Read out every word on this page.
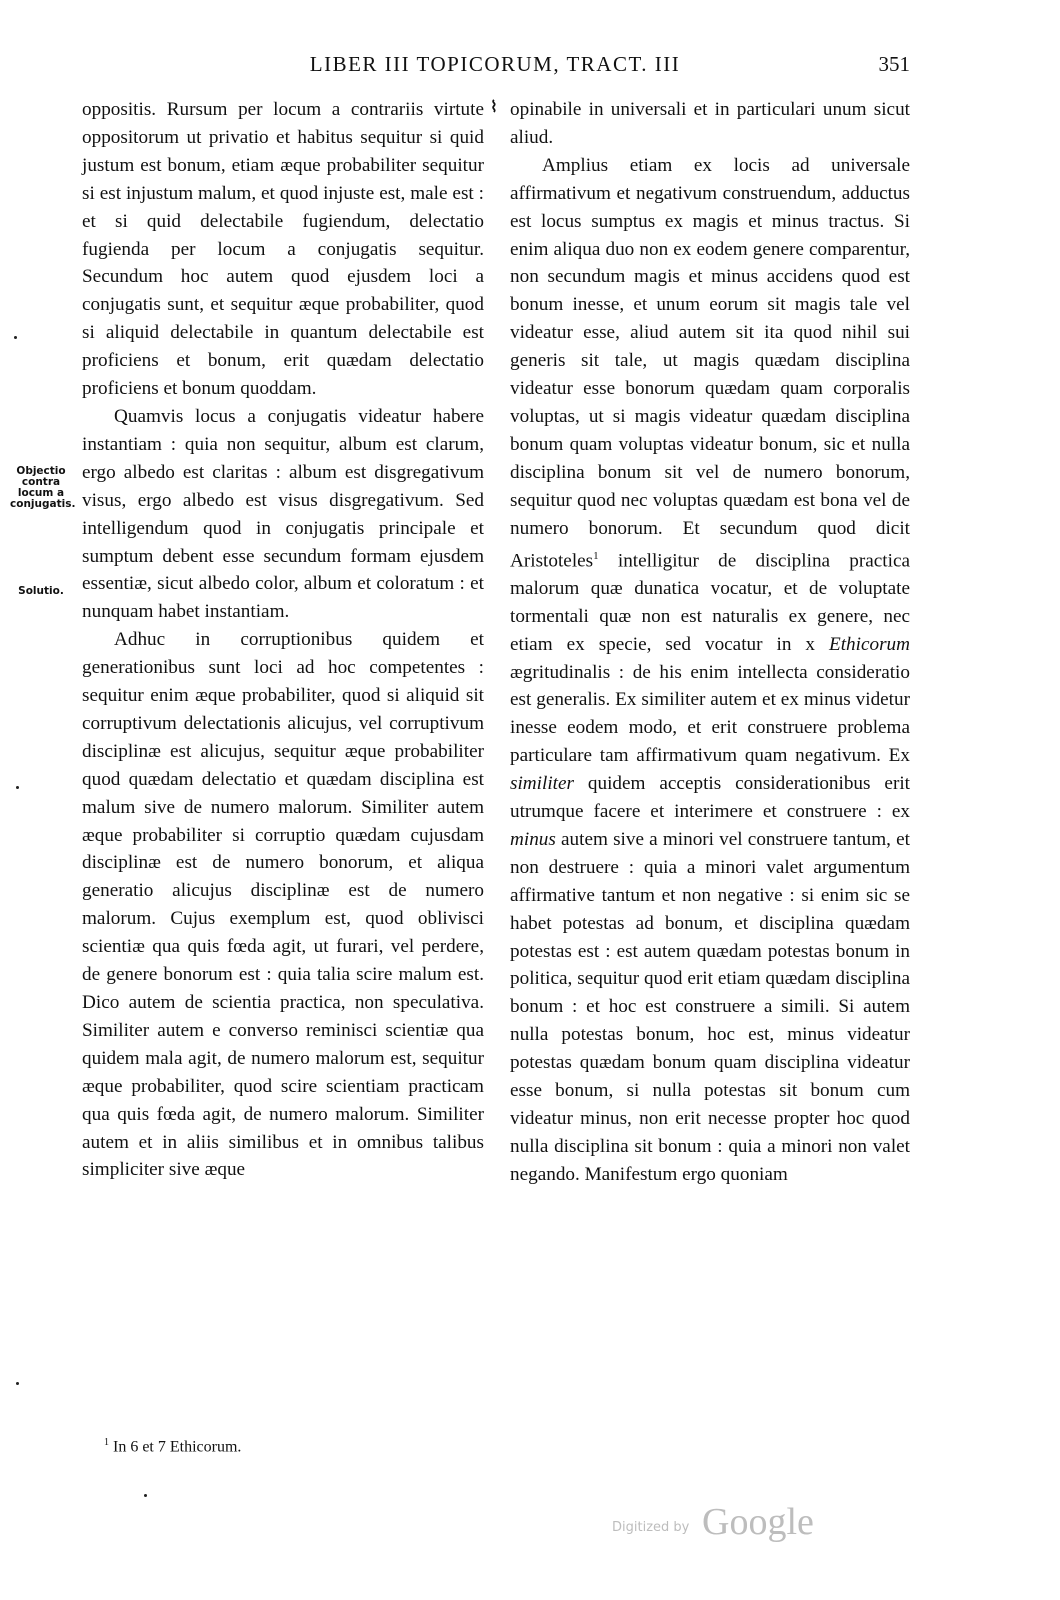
LIBER III TOPICORUM, TRACT. III	351

oppositis. Rursum per locum a contrariis virtute oppositorum ut privatio et habitus sequitur si quid justum est bonum, etiam æque probabiliter sequitur si est injustum malum, et quod injuste est, male est : et si quid delectabile fugiendum, delectatio fugienda per locum a conjugatis sequitur. Secundum hoc autem quod ejusdem loci a conjugatis sunt, et sequitur æque probabiliter, quod si aliquid delectabile in quantum delectabile est proficiens et bonum, erit quædam delectatio proficiens et bonum quoddam.

Quamvis locus a conjugatis videatur habere instantiam : quia non sequitur, album est clarum, ergo albedo est claritas : album est disgregativum visus, ergo albedo est visus disgregativum. Sed intelligendum quod in conjugatis principale et sumptum debent esse secundum formam ejusdem essentiæ, sicut albedo color, album et coloratum : et nunquam habet instantiam.

Adhuc in corruptionibus quidem et generationibus sunt loci ad hoc competentes : sequitur enim æque probabiliter, quod si aliquid sit corruptivum delectationis alicujus, vel corruptivum disciplinæ est alicujus, sequitur æque probabiliter quod quædam delectatio et quædam disciplina est malum sive de numero malorum. Similiter autem æque probabiliter si corruptio quædam cujusdam disciplinæ est de numero bonorum, et aliqua generatio alicujus disciplinæ est de numero malorum. Cujus exemplum est, quod oblivisci scientiæ qua quis fœda agit, ut furari, vel perdere, de genere bonorum est : quia talia scire malum est. Dico autem de scientia practica, non speculativa. Similiter autem e converso reminisci scientiæ qua quidem mala agit, de numero malorum est, sequitur æque probabiliter, quod scire scientiam practicam qua quis fœda agit, de numero malorum. Similiter autem et in aliis similibus et in omnibus talibus simpliciter sive æque

opinabile in universali et in particulari unum sicut aliud.

Amplius etiam ex locis ad universale affirmativum et negativum construendum, adductus est locus sumptus ex magis et minus tractus. Si enim aliqua duo non ex eodem genere comparentur, non secundum magis et minus accidens quod est bonum inesse, et unum eorum sit magis tale vel videatur esse, aliud autem sit ita quod nihil sui generis sit tale, ut magis quædam disciplina videatur esse bonorum quædam quam corporalis voluptas, ut si magis videatur quædam disciplina bonum quam voluptas videatur bonum, sic et nulla disciplina bonum sit vel de numero bonorum, sequitur quod nec voluptas quædam est bona vel de numero bonorum. Et secundum quod dicit Aristoteles$^1$ intelligitur de disciplina practica malorum quæ dunatica vocatur, et de voluptate tormentali quæ non est naturalis ex genere, nec etiam ex specie, sed vocatur in x Ethicorum ægritudinalis : de his enim intellecta consideratio est generalis. Ex similiter autem et ex minus videtur inesse eodem modo, et erit construere problema particulare tam affirmativum quam negativum. Ex similiter quidem acceptis considerationibus erit utrumque facere et interimere et construere : ex minus autem sive a minori vel construere tantum, et non destruere : quia a minori valet argumentum affirmative tantum et non negative : si enim sic se habet potestas ad bonum, et disciplina quædam potestas est : est autem quædam potestas bonum in politica, sequitur quod erit etiam quædam disciplina bonum : et hoc est construere a simili. Si autem nulla potestas bonum, hoc est, minus videatur potestas quædam bonum quam disciplina videatur esse bonum, si nulla potestas sit bonum cum videatur minus, non erit necesse propter hoc quod nulla disciplina sit bonum : quia a minori non valet negando. Manifestum ergo quoniam

Objectio contra locum a conjugatis.
Solutio.
⌇
$^1$ In 6 et 7 Ethicorum.
Digitized by Google
